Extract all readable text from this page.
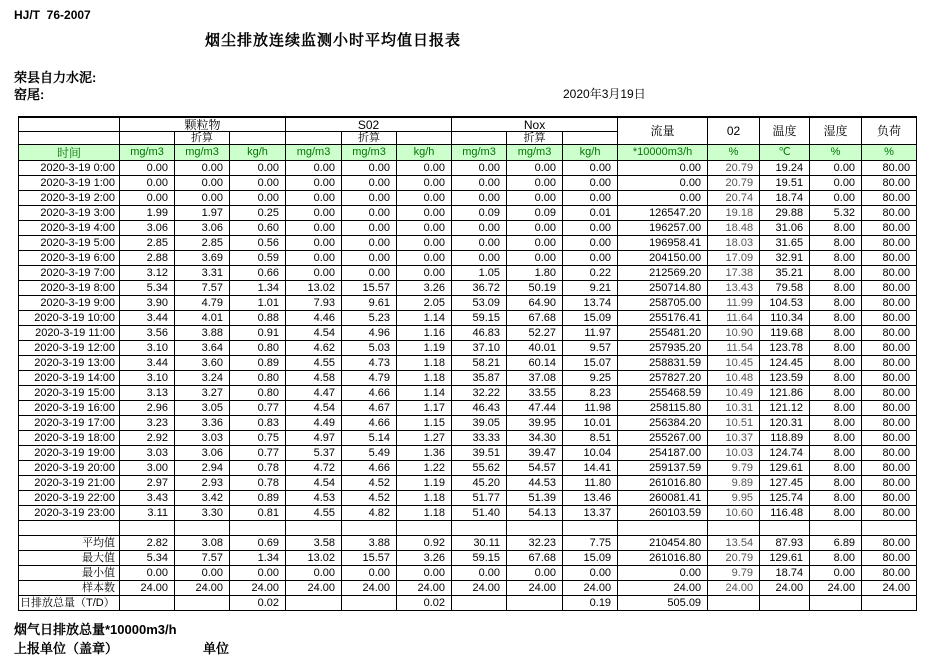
HJ/T  76-2007
烟尘排放连续监测小时平均值日报表
荣县自力水泥:
窑尾:	2020年3月19日
	颗粒物			S02			Nox			流量	02	温度	湿度	负荷
		折算			折算			折算						
时间	mg/m3	mg/m3	kg/h	mg/m3	mg/m3	kg/h	mg/m3	mg/m3	kg/h	*10000m3/h	%	℃	%	%
2020-3-19 0:00	0.00	0.00	0.00	0.00	0.00	0.00	0.00	0.00	0.00	0.00	20.79	19.24	0.00	80.00
2020-3-19 1:00	0.00	0.00	0.00	0.00	0.00	0.00	0.00	0.00	0.00	0.00	20.79	19.51	0.00	80.00
2020-3-19 2:00	0.00	0.00	0.00	0.00	0.00	0.00	0.00	0.00	0.00	0.00	20.74	18.74	0.00	80.00
2020-3-19 3:00	1.99	1.97	0.25	0.00	0.00	0.00	0.09	0.09	0.01	126547.20	19.18	29.88	5.32	80.00
2020-3-19 4:00	3.06	3.06	0.60	0.00	0.00	0.00	0.00	0.00	0.00	196257.00	18.48	31.06	8.00	80.00
2020-3-19 5:00	2.85	2.85	0.56	0.00	0.00	0.00	0.00	0.00	0.00	196958.41	18.03	31.65	8.00	80.00
2020-3-19 6:00	2.88	3.69	0.59	0.00	0.00	0.00	0.00	0.00	0.00	204150.00	17.09	32.91	8.00	80.00
2020-3-19 7:00	3.12	3.31	0.66	0.00	0.00	0.00	1.05	1.80	0.22	212569.20	17.38	35.21	8.00	80.00
2020-3-19 8:00	5.34	7.57	1.34	13.02	15.57	3.26	36.72	50.19	9.21	250714.80	13.43	79.58	8.00	80.00
2020-3-19 9:00	3.90	4.79	1.01	7.93	9.61	2.05	53.09	64.90	13.74	258705.00	11.99	104.53	8.00	80.00
2020-3-19 10:00	3.44	4.01	0.88	4.46	5.23	1.14	59.15	67.68	15.09	255176.41	11.64	110.34	8.00	80.00
2020-3-19 11:00	3.56	3.88	0.91	4.54	4.96	1.16	46.83	52.27	11.97	255481.20	10.90	119.68	8.00	80.00
2020-3-19 12:00	3.10	3.64	0.80	4.62	5.03	1.19	37.10	40.01	9.57	257935.20	11.54	123.78	8.00	80.00
2020-3-19 13:00	3.44	3.60	0.89	4.55	4.73	1.18	58.21	60.14	15.07	258831.59	10.45	124.45	8.00	80.00
2020-3-19 14:00	3.10	3.24	0.80	4.58	4.79	1.18	35.87	37.08	9.25	257827.20	10.48	123.59	8.00	80.00
2020-3-19 15:00	3.13	3.27	0.80	4.47	4.66	1.14	32.22	33.55	8.23	255468.59	10.49	121.86	8.00	80.00
2020-3-19 16:00	2.96	3.05	0.77	4.54	4.67	1.17	46.43	47.44	11.98	258115.80	10.31	121.12	8.00	80.00
2020-3-19 17:00	3.23	3.36	0.83	4.49	4.66	1.15	39.05	39.95	10.01	256384.20	10.51	120.31	8.00	80.00
2020-3-19 18:00	2.92	3.03	0.75	4.97	5.14	1.27	33.33	34.30	8.51	255267.00	10.37	118.89	8.00	80.00
2020-3-19 19:00	3.03	3.06	0.77	5.37	5.49	1.36	39.51	39.47	10.04	254187.00	10.03	124.74	8.00	80.00
2020-3-19 20:00	3.00	2.94	0.78	4.72	4.66	1.22	55.62	54.57	14.41	259137.59	9.79	129.61	8.00	80.00
2020-3-19 21:00	2.97	2.93	0.78	4.54	4.52	1.19	45.20	44.53	11.80	261016.80	9.89	127.45	8.00	80.00
2020-3-19 22:00	3.43	3.42	0.89	4.53	4.52	1.18	51.77	51.39	13.46	260081.41	9.95	125.74	8.00	80.00
2020-3-19 23:00	3.11	3.30	0.81	4.55	4.82	1.18	51.40	54.13	13.37	260103.59	10.60	116.48	8.00	80.00

平均值	2.82	3.08	0.69	3.58	3.88	0.92	30.11	32.23	7.75	210454.80	13.54	87.93	6.89	80.00
最大值	5.34	7.57	1.34	13.02	15.57	3.26	59.15	67.68	15.09	261016.80	20.79	129.61	8.00	80.00
最小值	0.00	0.00	0.00	0.00	0.00	0.00	0.00	0.00	0.00	0.00	9.79	18.74	0.00	80.00
样本数	24.00	24.00	24.00	24.00	24.00	24.00	24.00	24.00	24.00	24.00	24.00	24.00	24.00	24.00
日排放总量（T/D）			0.02			0.02			0.19	505.09				
烟气日排放总量*10000m3/h
上报单位（盖章）	单位
